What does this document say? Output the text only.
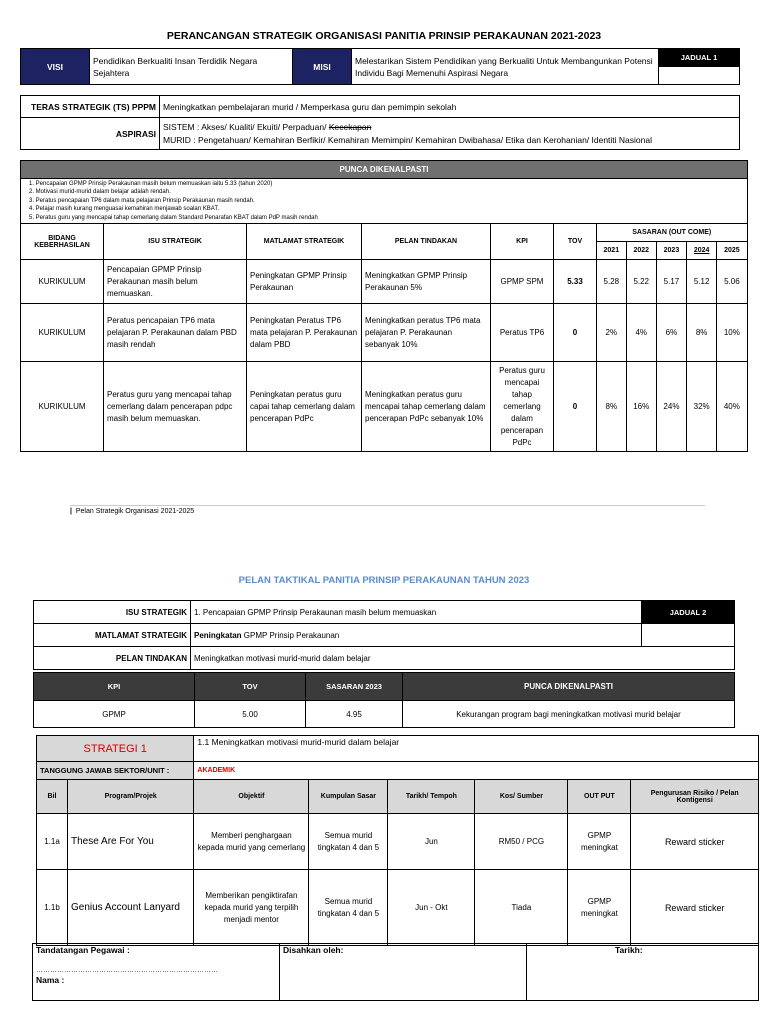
PERANCANGAN STRATEGIK ORGANISASI PANITIA PRINSIP PERAKAUNAN 2021-2023
VISI	Pendidikan Berkualiti Insan Terdidik Negara Sejahtera	MISI	Melestarikan Sistem Pendidikan yang Berkualiti Untuk Membangunkan Potensi Individu Bagi Memenuhi Aspirasi Negara	JADUAL 1

TERAS STRATEGIK (TS) PPPM	Meningkatkan pembelajaran murid / Memperkasa guru dan pemimpin sekolah
ASPIRASI	SISTEM : Akses/ Kualiti/ Ekuiti/ Perpaduan/ Kecekapan
MURID : Pengetahuan/ Kemahiran Berfikir/ Kemahiran Memimpin/ Kemahiran Dwibahasa/ Etika dan Kerohanian/ Identiti Nasional
PUNCA DIKENALPASTI											

1. Pencapaian GPMP Prinsip Perakaunan masih belum memuaskan iaitu 5.33 (tahun 2020)
2. Motivasi murid-murid dalam belajar adalah rendah.
3. Peratus pencapaian TP6 dalam mata pelajaran Prinsip Perakaunan masih rendah.
4. Pelajar masih kurang menguasai kemahiran menjawab soalan KBAT.
5. Peratus guru yang mencapai tahap cemerlang dalam Standard Penarafan KBAT dalam PdP masih rendah											

BIDANG KEBERHASILAN	ISU STRATEGIK	MATLAMAT STRATEGIK	PELAN TINDAKAN	KPI	TOV	SASARAN (OUT COME)					
						2021	2022	2023	2024	2025	
KURIKULUM	Pencapaian GPMP Prinsip Perakaunan masih belum memuaskan.	Peningkatan GPMP Prinsip Perakaunan	Meningkatkan GPMP Prinsip Perakaunan 5%	GPMP SPM	5.33	5.28	5.22	5.17	5.12	5.06	
KURIKULUM	Peratus pencapaian TP6 mata pelajaran P. Perakaunan dalam PBD masih rendah	Peningkatan Peratus TP6 mata pelajaran P. Perakaunan dalam PBD	Meningkatkan peratus TP6 mata pelajaran P. Perakaunan sebanyak 10%	Peratus TP6	0	2%	4%	6%	8%	10%	
KURIKULUM	Peratus guru yang mencapai tahap cemerlang dalam pencerapan pdpc masih belum memuaskan.	Peningkatan peratus guru capai tahap cemerlang dalam pencerapan PdPc	Meningkatkan peratus guru mencapai tahap cemerlang dalam pencerapan PdPc sebanyak 10%	Peratus guru mencapai tahap cemerlang dalam pencerapan PdPc	0	8%	16%	24%	32%	40%	
| Pelan Strategik Organisasi 2021-2025
PELAN TAKTIKAL PANITIA PRINSIP PERAKAUNAN TAHUN 2023
ISU STRATEGIK	1. Pencapaian GPMP Prinsip Perakaunan masih belum memuaskan	JADUAL 2
MATLAMAT STRATEGIK	Peningkatan GPMP Prinsip Perakaunan	
PELAN TINDAKAN	Meningkatkan motivasi murid-murid dalam belajar	
KPI	TOV	SASARAN 2023	PUNCA DIKENALPASTI
GPMP	5.00	4.95	Kekurangan program bagi meningkatkan motivasi murid belajar
STRATEGI 1		1.1 Meningkatkan motivasi murid-murid dalam belajar					
TANGGUNG JAWAB SEKTOR/UNIT :		AKADEMIK					
Bil	Program/Projek	Objektif	Kumpulan Sasar	Tarikh/ Tempoh	Kos/ Sumber	OUT PUT	Pengurusan Risiko / Pelan Kontigensi
1.1a	These Are For You	Memberi penghargaan kepada murid yang cemerlang	Semua murid tingkatan 4 dan 5	Jun	RM50 / PCG	GPMP meningkat	Reward sticker
1.1b	Genius Account Lanyard	Memberikan pengiktirafan kepada murid yang terpilih menjadi mentor	Semua murid tingkatan 4 dan 5	Jun - Okt	Tiada	GPMP meningkat	Reward sticker
Tandatangan Pegawai :
……………………………………………………………………
Nama :
	Disahkan oleh:	Tarikh:
